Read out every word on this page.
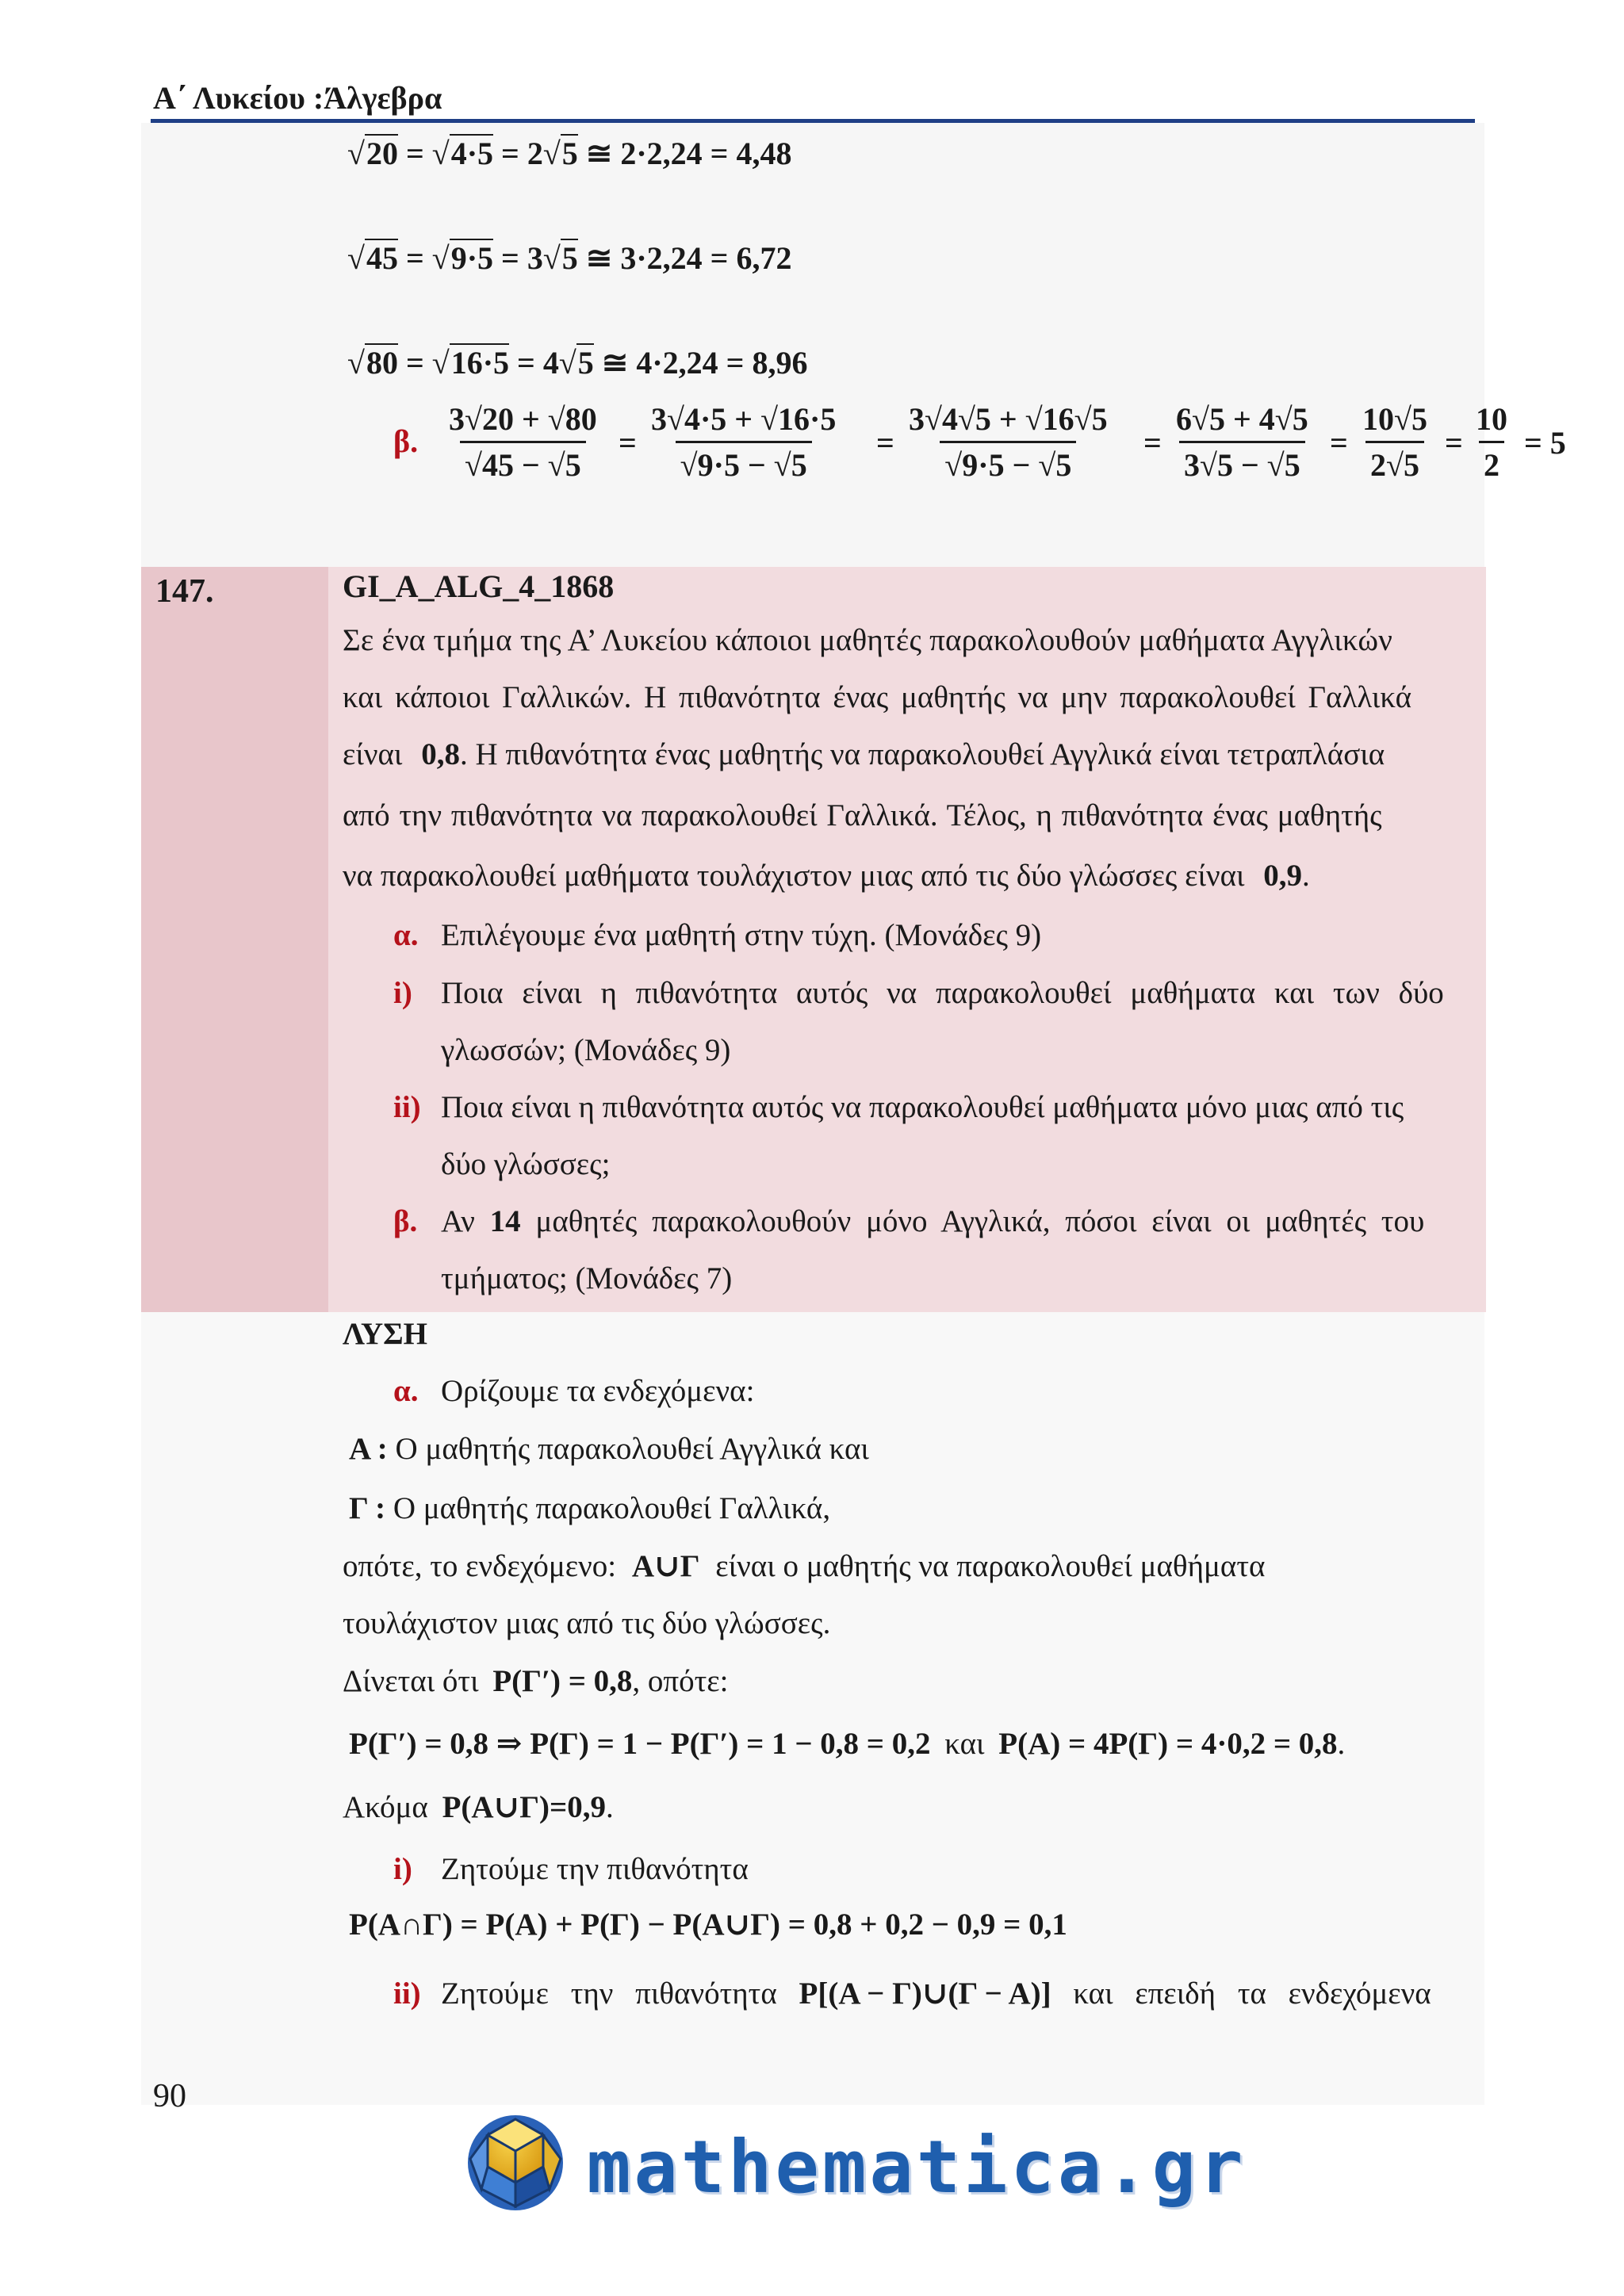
Α΄ Λυκείου :Άλγεβρα
√20 = √4·5 = 2√5 ≅ 2·2,24 = 4,48
√45 = √9·5 = 3√5 ≅ 3·2,24 = 6,72
√80 = √16·5 = 4√5 ≅ 4·2,24 = 8,96
β. $\frac{3√20 + √80}{√45 - √5} = \frac{3√4\cdot 5 + √16\cdot 5}{√9\cdot 5 - √5} = \frac{3√4√5 + √16√5}{√9\cdot 5 - √5} = \frac{6√5 + 4√5}{3√5 - √5} = \frac{10√5}{2√5} = \frac{10}{2} = 5$
147.	GI_A_ALG_4_1868
Σε ένα τμήμα της Α’ Λυκείου κάποιοι μαθητές παρακολουθούν μαθήματα Αγγλικών
και κάποιοι Γαλλικών. Η πιθανότητα ένας μαθητής να μην παρακολουθεί Γαλλικά
είναι 0,8. Η πιθανότητα ένας μαθητής να παρακολουθεί Αγγλικά είναι τετραπλάσια
από την πιθανότητα να παρακολουθεί Γαλλικά. Τέλος, η πιθανότητα ένας μαθητής
να παρακολουθεί μαθήματα τουλάχιστον μιας από τις δύο γλώσσες είναι 0,9.
α. Επιλέγουμε ένα μαθητή στην τύχη. (Μονάδες 9)
i) Ποια είναι η πιθανότητα αυτός να παρακολουθεί μαθήματα και των δύο
γλωσσών; (Μονάδες 9)
ii) Ποια είναι η πιθανότητα αυτός να παρακολουθεί μαθήματα μόνο μιας από τις
δύο γλώσσες;
β. Αν 14 μαθητές παρακολουθούν μόνο Αγγλικά, πόσοι είναι οι μαθητές του
τμήματος; (Μονάδες 7)
ΛΥΣΗ
α. Ορίζουμε τα ενδεχόμενα:
Α : Ο μαθητής παρακολουθεί Αγγλικά και
Γ : Ο μαθητής παρακολουθεί Γαλλικά,
οπότε, το ενδεχόμενο: Α∪Γ είναι ο μαθητής να παρακολουθεί μαθήματα
τουλάχιστον μιας από τις δύο γλώσσες.
Δίνεται ότι P(Γ′) = 0,8, οπότε:
P(Γ′) = 0,8 ⇒ P(Γ) = 1 − P(Γ′) = 1 − 0,8 = 0,2 και P(Α) = 4P(Γ) = 4·0,2 = 0,8.
Ακόμα P(Α∪Γ)=0,9.
i) Ζητούμε την πιθανότητα
P(Α∩Γ) = P(Α) + P(Γ) − P(Α∪Γ) = 0,8 + 0,2 − 0,9 = 0,1
ii) Ζητούμε την πιθανότητα P[(Α − Γ)∪(Γ − Α)] και επειδή τα ενδεχόμενα
90
mathematica.gr
